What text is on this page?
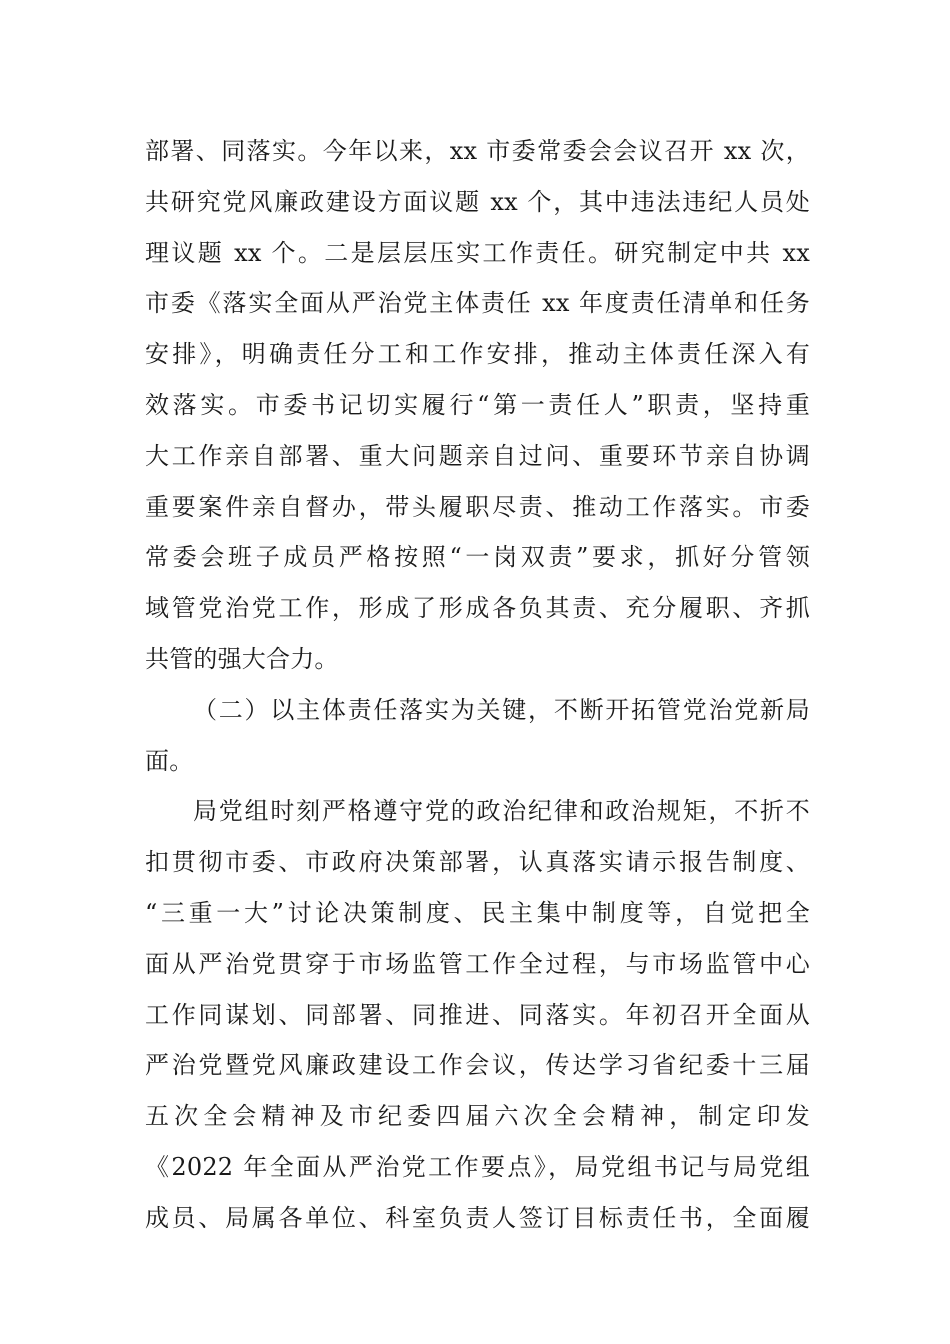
部署、同落实。今年以来，xx 市委常委会会议召开 xx 次，
共研究党风廉政建设方面议题 xx 个，其中违法违纪人员处
理议题 xx 个。二是层层压实工作责任。研究制定中共 xx
市委《落实全面从严治党主体责任 xx 年度责任清单和任务
安排》，明确责任分工和工作安排，推动主体责任深入有
效落实。市委书记切实履行“第一责任人”职责，坚持重
大工作亲自部署、重大问题亲自过问、重要环节亲自协调
重要案件亲自督办，带头履职尽责、推动工作落实。市委
常委会班子成员严格按照“一岗双责”要求，抓好分管领
域管党治党工作，形成了形成各负其责、充分履职、齐抓
共管的强大合力。
（二）以主体责任落实为关键，不断开拓管党治党新局
面。
局党组时刻严格遵守党的政治纪律和政治规矩，不折不
扣贯彻市委、市政府决策部署，认真落实请示报告制度、
“三重一大”讨论决策制度、民主集中制度等，自觉把全
面从严治党贯穿于市场监管工作全过程，与市场监管中心
工作同谋划、同部署、同推进、同落实。年初召开全面从
严治党暨党风廉政建设工作会议，传达学习省纪委十三届
五次全会精神及市纪委四届六次全会精神，制定印发
《2022 年全面从严治党工作要点》，局党组书记与局党组
成员、局属各单位、科室负责人签订目标责任书，全面履
